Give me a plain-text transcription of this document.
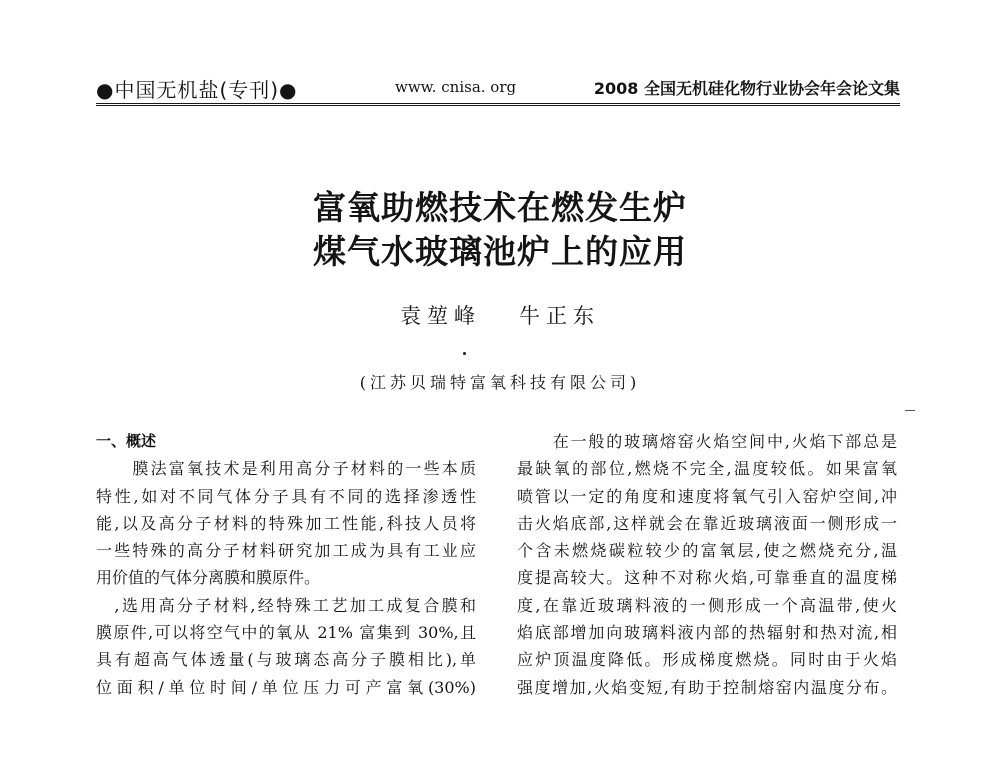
●中国无机盐(专刊)●	www. cnisa. org	2008 全国无机硅化物行业协会年会论文集
富氧助燃技术在燃发生炉
煤气水玻璃池炉上的应用
袁堃峰   牛正东
(江苏贝瑞特富氧科技有限公司)

一、概述

　　膜法富氧技术是利用高分子材料的一些本质

特性,如对不同气体分子具有不同的选择渗透性

能,以及高分子材料的特殊加工性能,科技人员将

一些特殊的高分子材料研究加工成为具有工业应

用价值的气体分离膜和膜原件。

　,选用高分子材料,经特殊工艺加工成复合膜和

膜原件,可以将空气中的氧从 21% 富集到 30%,且

具有超高气体透量(与玻璃态高分子膜相比),单

位面积/单位时间/单位压力可产富氧(30%)

　　在一般的玻璃熔窑火焰空间中,火焰下部总是

最缺氧的部位,燃烧不完全,温度较低。如果富氧

喷管以一定的角度和速度将氧气引入窑炉空间,冲

击火焰底部,这样就会在靠近玻璃液面一侧形成一

个含未燃烧碳粒较少的富氧层,使之燃烧充分,温

度提高较大。这种不对称火焰,可靠垂直的温度梯

度,在靠近玻璃料液的一侧形成一个高温带,使火

焰底部增加向玻璃料液内部的热辐射和热对流,相

应炉顶温度降低。形成梯度燃烧。同时由于火焰

强度增加,火焰变短,有助于控制熔窑内温度分布。
